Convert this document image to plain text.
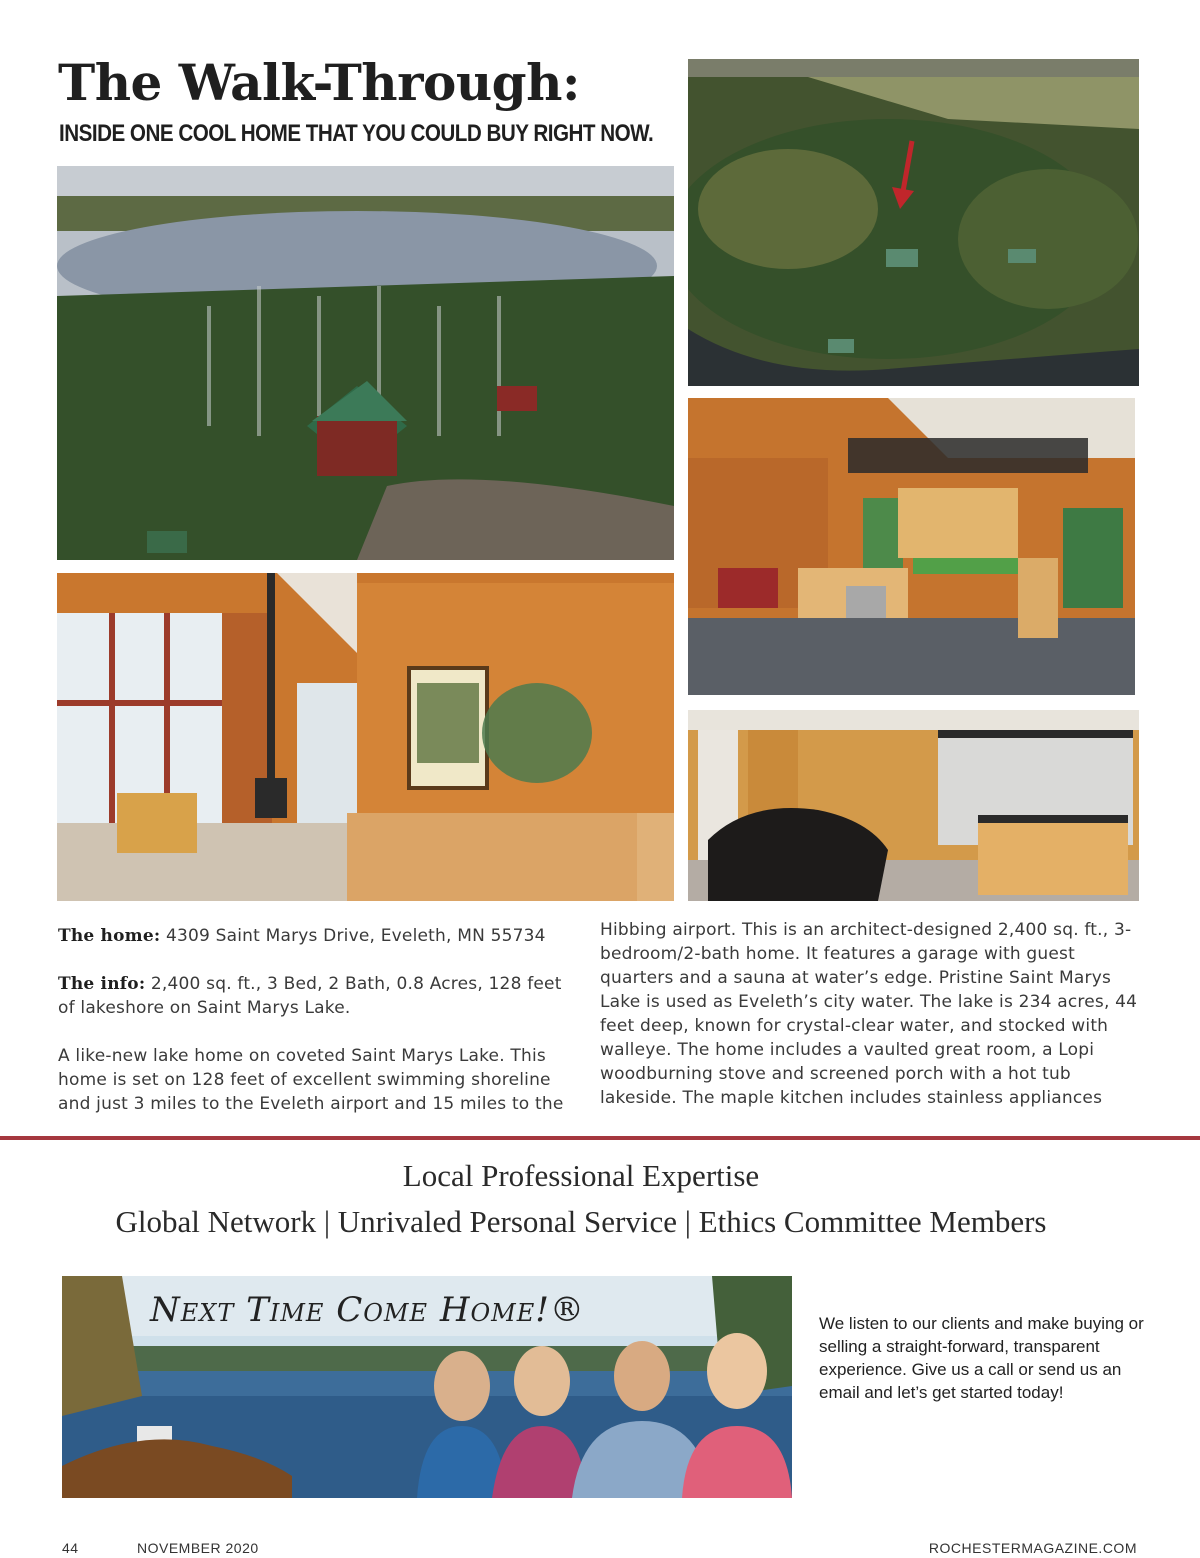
The Walk-Through:
INSIDE ONE COOL HOME THAT YOU COULD BUY RIGHT NOW.

The home: 4309 Saint Marys Drive, Eveleth, MN 55734

The info: 2,400 sq. ft., 3 Bed, 2 Bath, 0.8 Acres, 128 feet of lakeshore on Saint Marys Lake.

A like-new lake home on coveted Saint Marys Lake. This home is set on 128 feet of excellent swimming shoreline and just 3 miles to the Eveleth airport and 15 miles to the

Hibbing airport. This is an architect-designed 2,400 sq. ft., 3-bedroom/2-bath home. It features a garage with guest quarters and a sauna at water’s edge. Pristine Saint Marys Lake is used as Eveleth’s city water. The lake is 234 acres, 44 feet deep, known for crystal-clear water, and stocked with walleye. The home includes a vaulted great room, a Lopi woodburning stove and screened porch with a hot tub lakeside. The maple kitchen includes stainless appliances

Local Professional Expertise
Global Network | Unrivaled Personal Service | Ethics Committee Members
Next Time Come Home!®	We listen to our clients and make buying or selling a straight-forward, transparent experience. Give us a call or send us an email and let’s get started today!
44	NOVEMBER 2020	ROCHESTERMAGAZINE.COM
